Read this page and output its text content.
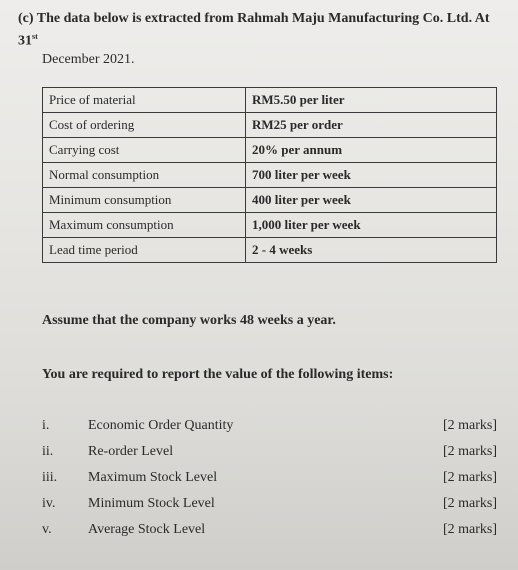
(c) The data below is extracted from Rahmah Maju Manufacturing Co. Ltd. At 31st
December 2021.
Price of material	RM5.50 per liter
Cost of ordering	RM25 per order
Carrying cost	20% per annum
Normal consumption	700 liter per week
Minimum consumption	400 liter per week
Maximum consumption	1,000 liter per week
Lead time period	2 - 4 weeks
Assume that the company works 48 weeks a year.
You are required to report the value of the following items:
i.	Economic Order Quantity	[2 marks]
ii. Re-order Level	[2 marks]
iii. Maximum Stock Level	[2 marks]
iv. Minimum Stock Level	[2 marks]
v.	Average Stock Level	[2 marks]
